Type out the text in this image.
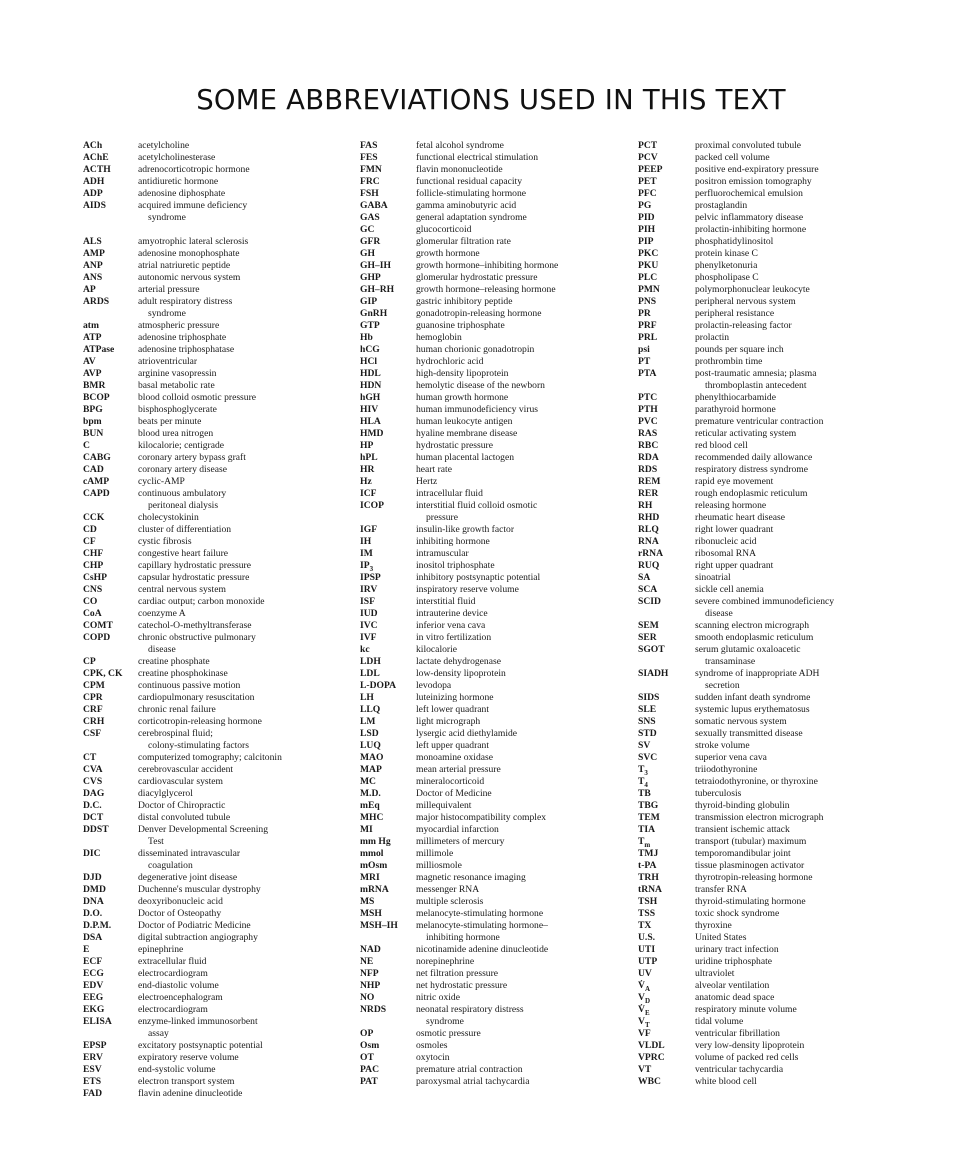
SOME ABBREVIATIONS USED IN THIS TEXT
ACh	acetylcholine
AChE	acetylcholinesterase
ACTH	adrenocorticotropic hormone
ADH	antidiuretic hormone
ADP	adenosine diphosphate
AIDS	acquired immune deficiency
syndrome
ALS	amyotrophic lateral sclerosis
AMP	adenosine monophosphate
ANP	atrial natriuretic peptide
ANS	autonomic nervous system
AP	arterial pressure
ARDS	adult respiratory distress
syndrome
atm	atmospheric pressure
ATP	adenosine triphosphate
ATPase	adenosine triphosphatase
AV	atrioventricular
AVP	arginine vasopressin
BMR	basal metabolic rate
BCOP	blood colloid osmotic pressure
BPG	bisphosphoglycerate
bpm	beats per minute
BUN	blood urea nitrogen
C	kilocalorie; centigrade
CABG	coronary artery bypass graft
CAD	coronary artery disease
cAMP	cyclic-AMP
CAPD	continuous ambulatory
peritoneal dialysis
CCK	cholecystokinin
CD	cluster of differentiation
CF	cystic fibrosis
CHF	congestive heart failure
CHP	capillary hydrostatic pressure
CsHP	capsular hydrostatic pressure
CNS	central nervous system
CO	cardiac output; carbon monoxide
CoA	coenzyme A
COMT	catechol-O-methyltransferase
COPD	chronic obstructive pulmonary
disease
CP	creatine phosphate
CPK, CK	creatine phosphokinase
CPM	continuous passive motion
CPR	cardiopulmonary resuscitation
CRF	chronic renal failure
CRH	corticotropin-releasing hormone
CSF	cerebrospinal fluid;
colony-stimulating factors
CT	computerized tomography; calcitonin
CVA	cerebrovascular accident
CVS	cardiovascular system
DAG	diacylglycerol
D.C.	Doctor of Chiropractic
DCT	distal convoluted tubule
DDST	Denver Developmental Screening
Test
DIC	disseminated intravascular
coagulation
DJD	degenerative joint disease
DMD	Duchenne's muscular dystrophy
DNA	deoxyribonucleic acid
D.O.	Doctor of Osteopathy
D.P.M.	Doctor of Podiatric Medicine
DSA	digital subtraction angiography
E	epinephrine
ECF	extracellular fluid
ECG	electrocardiogram
EDV	end-diastolic volume
EEG	electroencephalogram
EKG	electrocardiogram
ELISA	enzyme-linked immunosorbent
assay
EPSP	excitatory postsynaptic potential
ERV	expiratory reserve volume
ESV	end-systolic volume
ETS	electron transport system
FAD	flavin adenine dinucleotide
FAS	fetal alcohol syndrome
FES	functional electrical stimulation
FMN	flavin mononucleotide
FRC	functional residual capacity
FSH	follicle-stimulating hormone
GABA	gamma aminobutyric acid
GAS	general adaptation syndrome
GC	glucocorticoid
GFR	glomerular filtration rate
GH	growth hormone
GH–IH	growth hormone–inhibiting hormone
GHP	glomerular hydrostatic pressure
GH–RH	growth hormone–releasing hormone
GIP	gastric inhibitory peptide
GnRH	gonadotropin-releasing hormone
GTP	guanosine triphosphate
Hb	hemoglobin
hCG	human chorionic gonadotropin
HCl	hydrochloric acid
HDL	high-density lipoprotein
HDN	hemolytic disease of the newborn
hGH	human growth hormone
HIV	human immunodeficiency virus
HLA	human leukocyte antigen
HMD	hyaline membrane disease
HP	hydrostatic pressure
hPL	human placental lactogen
HR	heart rate
Hz	Hertz
ICF	intracellular fluid
ICOP	interstitial fluid colloid osmotic
pressure
IGF	insulin-like growth factor
IH	inhibiting hormone
IM	intramuscular
$IP_3$	inositol triphosphate
IPSP	inhibitory postsynaptic potential
IRV	inspiratory reserve volume
ISF	interstitial fluid
IUD	intrauterine device
IVC	inferior vena cava
IVF	in vitro fertilization
kc	kilocalorie
LDH	lactate dehydrogenase
LDL	low-density lipoprotein
L-DOPA	levodopa
LH	luteinizing hormone
LLQ	left lower quadrant
LM	light micrograph
LSD	lysergic acid diethylamide
LUQ	left upper quadrant
MAO	monoamine oxidase
MAP	mean arterial pressure
MC	mineralocorticoid
M.D.	Doctor of Medicine
mEq	millequivalent
MHC	major histocompatibility complex
MI	myocardial infarction
mm Hg	millimeters of mercury
mmol	millimole
mOsm	milliosmole
MRI	magnetic resonance imaging
mRNA	messenger RNA
MS	multiple sclerosis
MSH	melanocyte-stimulating hormone
MSH–IH	melanocyte-stimulating hormone–
inhibiting hormone
NAD	nicotinamide adenine dinucleotide
NE	norepinephrine
NFP	net filtration pressure
NHP	net hydrostatic pressure
NO	nitric oxide
NRDS	neonatal respiratory distress
syndrome
OP	osmotic pressure
Osm	osmoles
OT	oxytocin
PAC	premature atrial contraction
PAT	paroxysmal atrial tachycardia
PCT	proximal convoluted tubule
PCV	packed cell volume
PEEP	positive end-expiratory pressure
PET	positron emission tomography
PFC	perfluorochemical emulsion
PG	prostaglandin
PID	pelvic inflammatory disease
PIH	prolactin-inhibiting hormone
PIP	phosphatidylinositol
PKC	protein kinase C
PKU	phenylketonuria
PLC	phospholipase C
PMN	polymorphonuclear leukocyte
PNS	peripheral nervous system
PR	peripheral resistance
PRF	prolactin-releasing factor
PRL	prolactin
psi	pounds per square inch
PT	prothrombin time
PTA	post-traumatic amnesia; plasma
thromboplastin antecedent
PTC	phenylthiocarbamide
PTH	parathyroid hormone
PVC	premature ventricular contraction
RAS	reticular activating system
RBC	red blood cell
RDA	recommended daily allowance
RDS	respiratory distress syndrome
REM	rapid eye movement
RER	rough endoplasmic reticulum
RH	releasing hormone
RHD	rheumatic heart disease
RLQ	right lower quadrant
RNA	ribonucleic acid
rRNA	ribosomal RNA
RUQ	right upper quadrant
SA	sinoatrial
SCA	sickle cell anemia
SCID	severe combined immunodeficiency
disease
SEM	scanning electron micrograph
SER	smooth endoplasmic reticulum
SGOT	serum glutamic oxaloacetic
transaminase
SIADH	syndrome of inappropriate ADH
secretion
SIDS	sudden infant death syndrome
SLE	systemic lupus erythematosus
SNS	somatic nervous system
STD	sexually transmitted disease
SV	stroke volume
SVC	superior vena cava
$T_3$	triiodothyronine
$T_4$	tetraiodothyronine, or thyroxine
TB	tuberculosis
TBG	thyroid-binding globulin
TEM	transmission electron micrograph
TIA	transient ischemic attack
$T_m$	transport (tubular) maximum
TMJ	temporomandibular joint
t-PA	tissue plasminogen activator
TRH	thyrotropin-releasing hormone
tRNA	transfer RNA
TSH	thyroid-stimulating hormone
TSS	toxic shock syndrome
TX	thyroxine
U.S.	United States
UTI	urinary tract infection
UTP	uridine triphosphate
UV	ultraviolet
$V̇_A$	alveolar ventilation
$V_D$	anatomic dead space
$V̇_E$	respiratory minute volume
$V_T$	tidal volume
VF	ventricular fibrillation
VLDL	very low-density lipoprotein
VPRC	volume of packed red cells
VT	ventricular tachycardia
WBC	white blood cell
